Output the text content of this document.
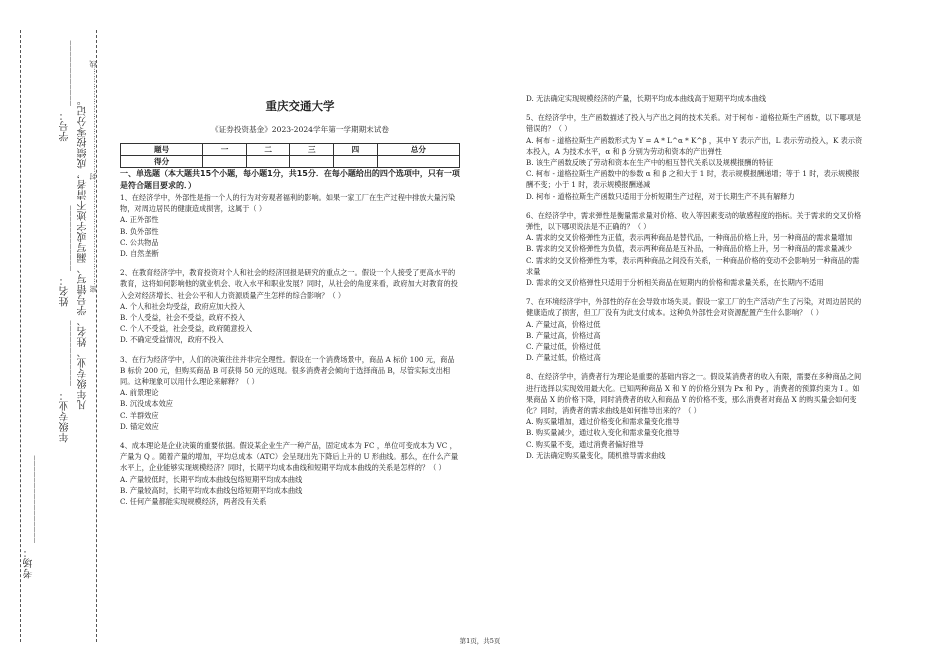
学号： ____________
姓名： ____________
年级专业： ____________
考场： ________________
凡年级专业、姓名、学号错写、漏写或字迹不清者，成绩按零分记。 密……………………………………封……………………………………线	重庆交通大学
《证券投资基金》2023-2024学年第一学期期末试卷
题号	一	二	三	四	总分
得分					
一、单选题（本大题共15个小题，每小题1分，共15分．在每小题给出的四个选项中，只有一项是符合题目要求的．）

1、在经济学中，外部性是指一个人的行为对旁观者福利的影响。如果一家工厂在生产过程中排放大量污染物，对周边居民的健康造成损害，这属于（ ）

A. 正外部性

B. 负外部性

C. 公共物品

D. 自然垄断

2、在教育经济学中，教育投资对个人和社会的经济回报是研究的重点之一。假设一个人接受了更高水平的教育，这将如何影响他的就业机会、收入水平和职业发展？同时，从社会的角度来看，政府加大对教育的投入会对经济增长、社会公平和人力资源质量产生怎样的综合影响？（ ）

A. 个人和社会均受益，政府应加大投入

B. 个人受益，社会不受益，政府不投入

C. 个人不受益，社会受益，政府随意投入

D. 不确定受益情况，政府不投入

3、在行为经济学中，人们的决策往往并非完全理性。假设在一个消费场景中，商品 A 标价 100 元，商品 B 标价 200 元，但购买商品 B 可获得 50 元的返现。很多消费者会倾向于选择商品 B，尽管实际支出相同。这种现象可以用什么理论来解释？（ ）

A. 前景理论

B. 沉没成本效应

C. 羊群效应

D. 锚定效应

4、成本理论是企业决策的重要依据。假设某企业生产一种产品，固定成本为 FC ，单位可变成本为 VC ，产量为 Q 。随着产量的增加，平均总成本（ATC）会呈现出先下降后上升的 U 形曲线。那么，在什么产量水平上，企业能够实现规模经济？同时，长期平均成本曲线和短期平均成本曲线的关系是怎样的？（ ）

A. 产量较低时，长期平均成本曲线包络短期平均成本曲线

B. 产量较高时，长期平均成本曲线包络短期平均成本曲线

C. 任何产量都能实现规模经济，两者没有关系

D. 无法确定实现规模经济的产量，长期平均成本曲线高于短期平均成本曲线

5、在经济学中，生产函数描述了投入与产出之间的技术关系。对于柯布 - 道格拉斯生产函数，以下哪项是错误的？（ ）

A. 柯布 - 道格拉斯生产函数形式为 Y = A * L^α * K^β ，其中 Y 表示产出，L 表示劳动投入，K 表示资本投入，A 为技术水平，α 和 β 分别为劳动和资本的产出弹性

B. 该生产函数反映了劳动和资本在生产中的相互替代关系以及规模报酬的特征

C. 柯布 - 道格拉斯生产函数中的参数 α 和 β 之和大于 1 时，表示规模报酬递增；等于 1 时，表示规模报酬不变；小于 1 时，表示规模报酬递减

D. 柯布 - 道格拉斯生产函数只适用于分析短期生产过程，对于长期生产不具有解释力

6、在经济学中，需求弹性是衡量需求量对价格、收入等因素变动的敏感程度的指标。关于需求的交叉价格弹性，以下哪项说法是不正确的？（ ）

A. 需求的交叉价格弹性为正值，表示两种商品是替代品，一种商品价格上升，另一种商品的需求量增加

B. 需求的交叉价格弹性为负值，表示两种商品是互补品，一种商品价格上升，另一种商品的需求量减少

C. 需求的交叉价格弹性为零，表示两种商品之间没有关系，一种商品价格的变动不会影响另一种商品的需求量

D. 需求的交叉价格弹性只适用于分析相关商品在短期内的价格和需求量关系，在长期内不适用

7、在环境经济学中，外部性的存在会导致市场失灵。假设一家工厂的生产活动产生了污染，对周边居民的健康造成了损害，但工厂没有为此支付成本。这种负外部性会对资源配置产生什么影响？（ ）

A. 产量过高，价格过低

B. 产量过高，价格过高

C. 产量过低，价格过低

D. 产量过低，价格过高

8、在经济学中，消费者行为理论是重要的基础内容之一。假设某消费者的收入有限，需要在多种商品之间进行选择以实现效用最大化。已知两种商品 X 和 Y 的价格分别为 Px 和 Py ，消费者的预算约束为 I 。如果商品 X 的价格下降，同时消费者的收入和商品 Y 的价格不变，那么消费者对商品 X 的购买量会如何变化？同时，消费者的需求曲线是如何推导出来的？（ ）

A. 购买量增加，通过价格变化和需求量变化推导

B. 购买量减少，通过收入变化和需求量变化推导

C. 购买量不变，通过消费者偏好推导

D. 无法确定购买量变化，随机推导需求曲线

第1页，共5页
